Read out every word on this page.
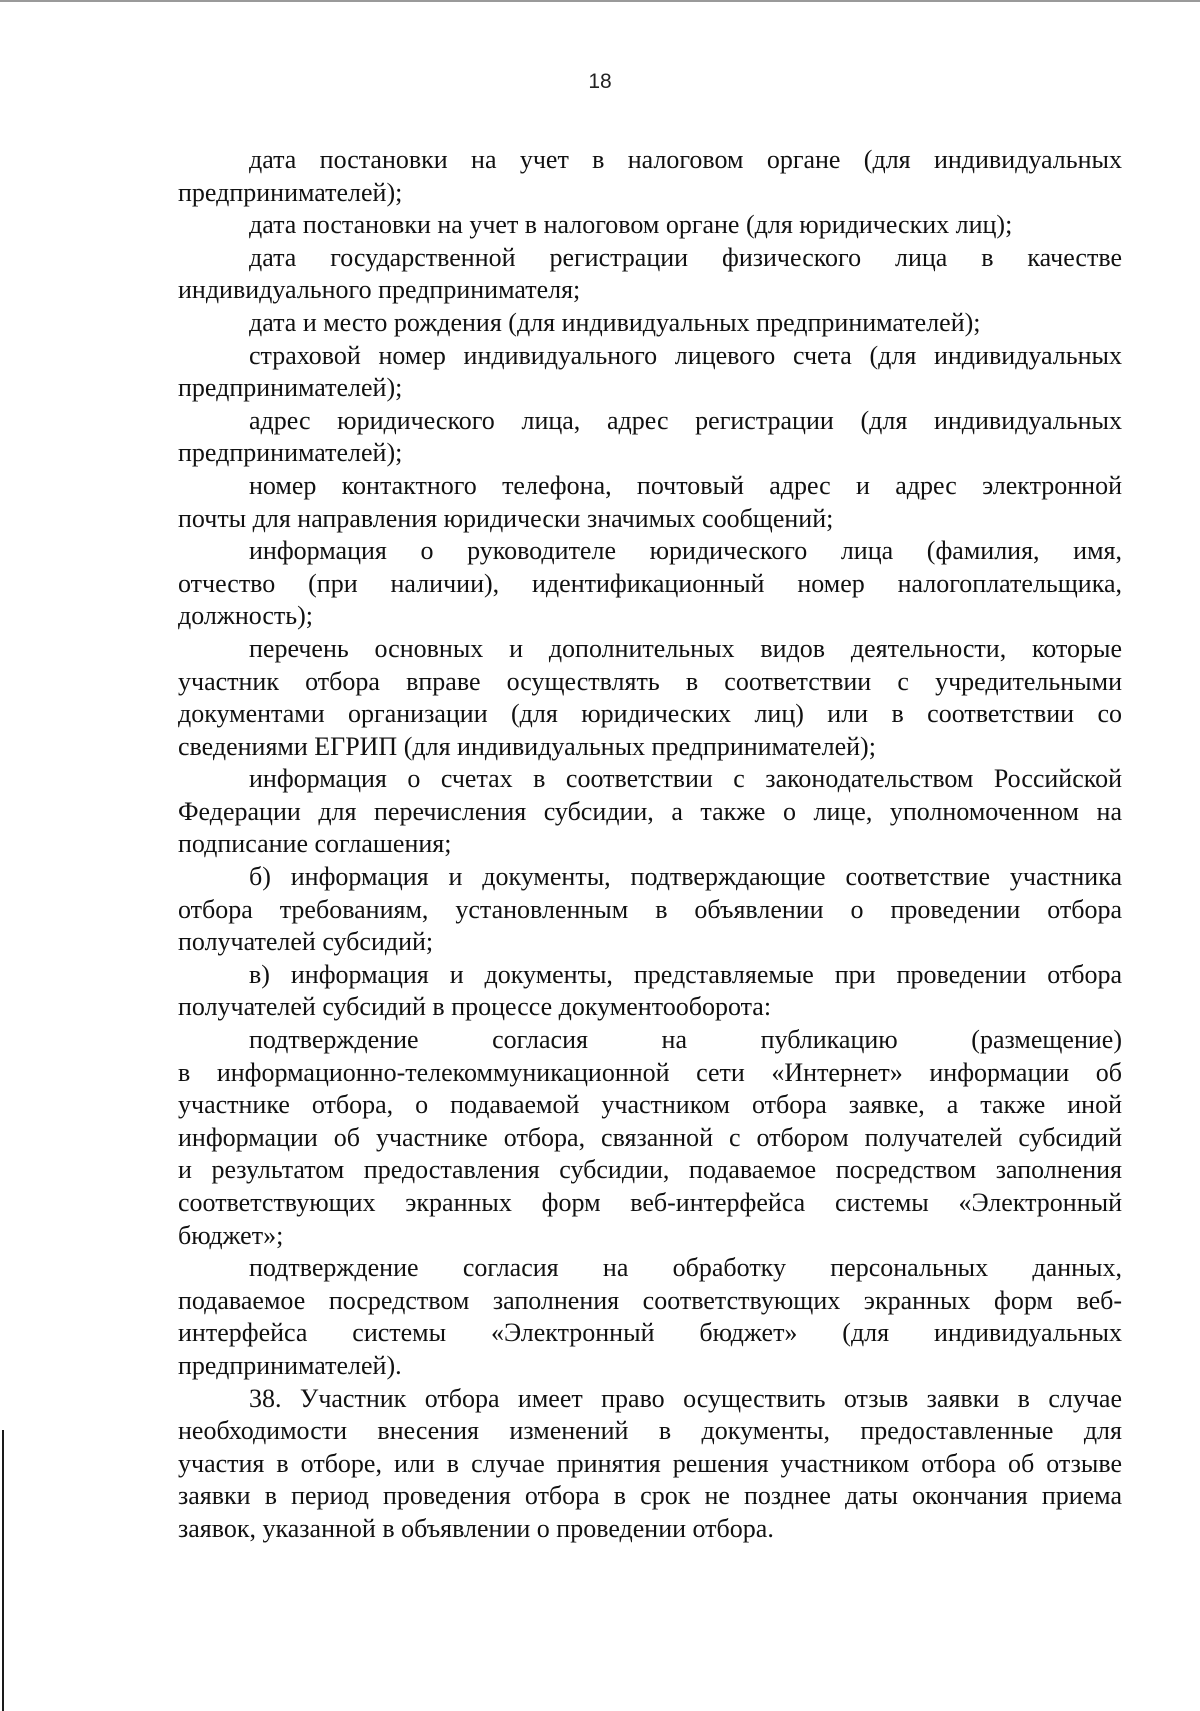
18
дата постановки на учет в налоговом органе (для индивидуальных
предпринимателей);
дата постановки на учет в налоговом органе (для юридических лиц);
дата государственной регистрации физического лица в качестве
индивидуального предпринимателя;
дата и место рождения (для индивидуальных предпринимателей);
страховой номер индивидуального лицевого счета (для индивидуальных
предпринимателей);
адрес юридического лица, адрес регистрации (для индивидуальных
предпринимателей);
номер контактного телефона, почтовый адрес и адрес электронной
почты для направления юридически значимых сообщений;
информация о руководителе юридического лица (фамилия, имя,
отчество (при наличии), идентификационный номер налогоплательщика,
должность);
перечень основных и дополнительных видов деятельности, которые
участник отбора вправе осуществлять в соответствии с учредительными
документами организации (для юридических лиц) или в соответствии со
сведениями ЕГРИП (для индивидуальных предпринимателей);
информация о счетах в соответствии с законодательством Российской
Федерации для перечисления субсидии, а также о лице, уполномоченном на
подписание соглашения;
б) информация и документы, подтверждающие соответствие участника
отбора требованиям, установленным в объявлении о проведении отбора
получателей субсидий;
в) информация и документы, представляемые при проведении отбора
получателей субсидий в процессе документооборота:
подтверждение согласия на публикацию (размещение)
в информационно-телекоммуникационной сети «Интернет» информации об
участнике отбора, о подаваемой участником отбора заявке, а также иной
информации об участнике отбора, связанной с отбором получателей субсидий
и результатом предоставления субсидии, подаваемое посредством заполнения
соответствующих экранных форм веб-интерфейса системы «Электронный
бюджет»;
подтверждение согласия на обработку персональных данных,
подаваемое посредством заполнения соответствующих экранных форм веб-
интерфейса системы «Электронный бюджет» (для индивидуальных
предпринимателей).
38. Участник отбора имеет право осуществить отзыв заявки в случае
необходимости внесения изменений в документы, предоставленные для
участия в отборе, или в случае принятия решения участником отбора об отзыве
заявки в период проведения отбора в срок не позднее даты окончания приема
заявок, указанной в объявлении о проведении отбора.
